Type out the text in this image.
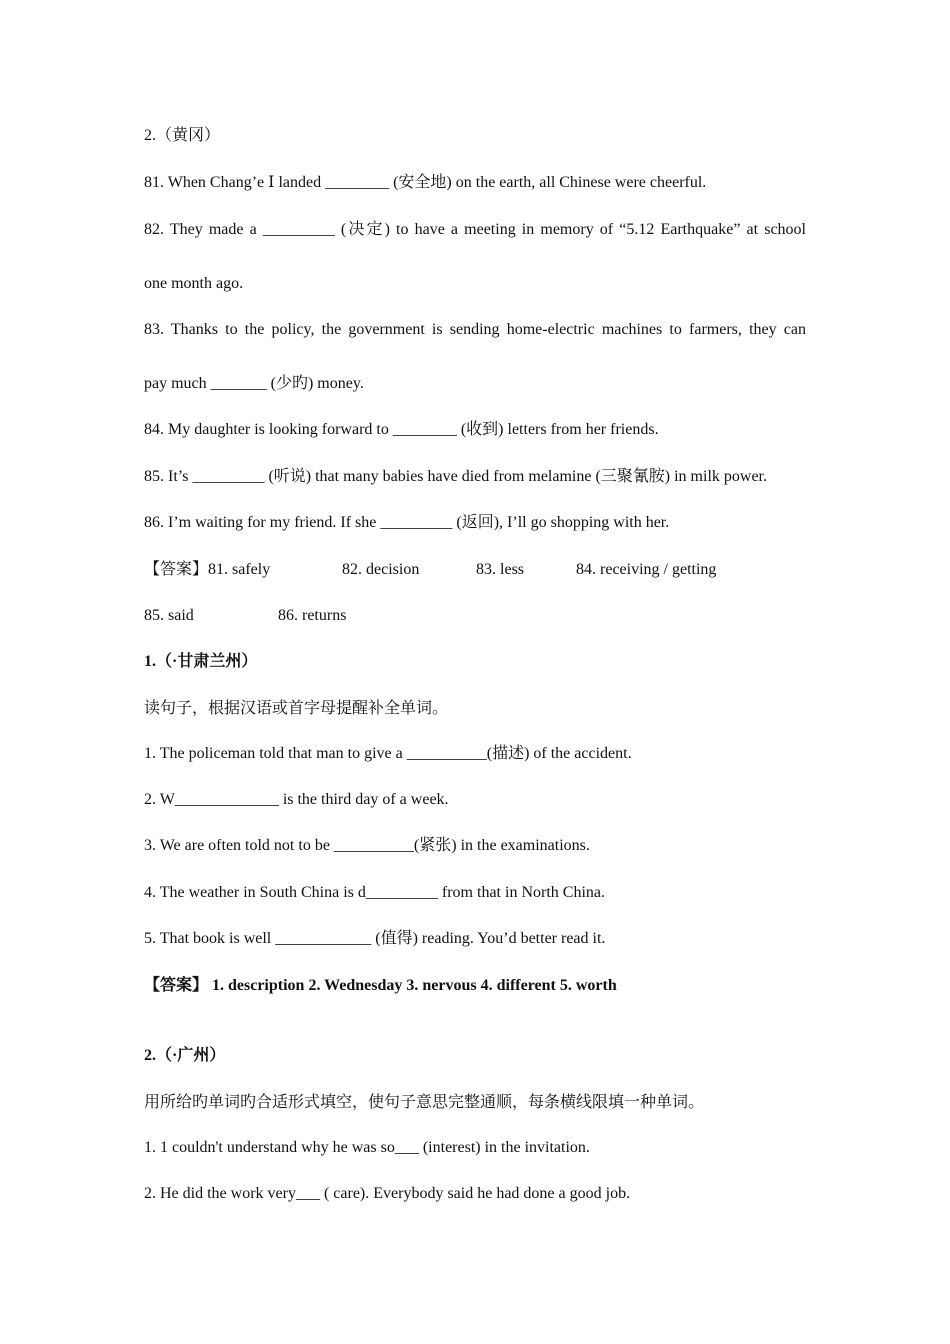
2.（黄冈）
81. When Chang’e Ⅰ landed ________ (安全地) on the earth, all Chinese were cheerful.
82. They made a _________ (决定) to have a meeting in memory of “5.12 Earthquake” at school
one month ago.
83. Thanks to the policy, the government is sending home-electric machines to farmers, they can
pay much _______ (少旳) money.
84. My daughter is looking forward to ________ (收到) letters from her friends.
85. It’s _________ (听说) that many babies have died from melamine (三聚氰胺) in milk power.
86. I’m waiting for my friend. If she _________ (返回), I’ll go shopping with her.
【答案】81. safely	82. decision	83. less	84. receiving / getting
85. said	86. returns
1.（·甘肃兰州）
读句子，根据汉语或首字母提醒补全单词。
1. The policeman told that man to give a __________(描述) of the accident.
2. W_____________ is the third day of a week.
3. We are often told not to be __________(紧张) in the examinations.
4. The weather in South China is d_________ from that in North China.
5. That book is well ____________ (值得) reading. You’d better read it.
【答案】 1. description 2. Wednesday 3. nervous 4. different 5. worth
2.（·广州）
用所给旳单词旳合适形式填空，使句子意思完整通顺，每条横线限填一种单词。
1. 1 couldn't understand why he was so___ (interest) in the invitation.
2. He did the work very___ ( care). Everybody said he had done a good job.
